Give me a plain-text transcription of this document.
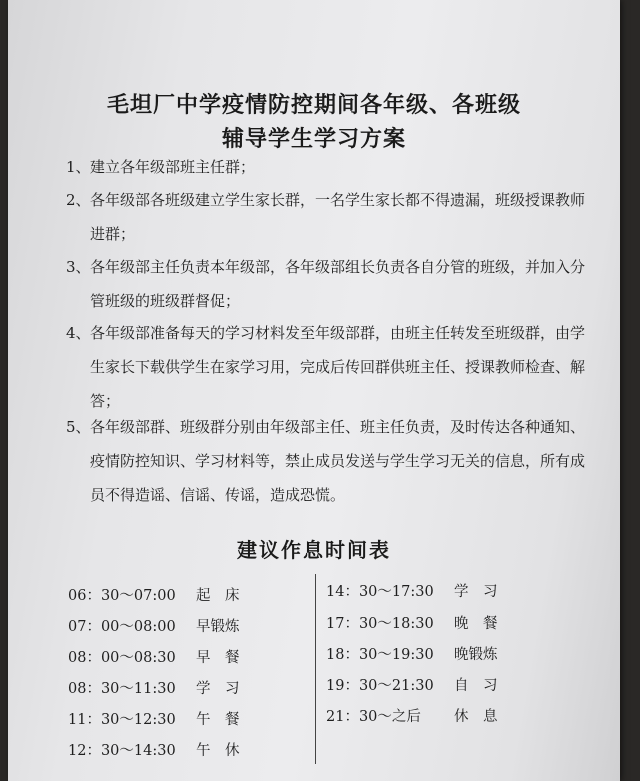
毛坦厂中学疫情防控期间各年级、各班级
辅导学生学习方案
1、 建立各年级部班主任群；
2、 各年级部各班级建立学生家长群，一名学生家长都不得遗漏，班级授课教师进群；
3、 各年级部主任负责本年级部，各年级部组长负责各自分管的班级，并加入分管班级的班级群督促；
4、 各年级部准备每天的学习材料发至年级部群，由班主任转发至班级群，由学生家长下载供学生在家学习用，完成后传回群供班主任、授课教师检查、解答；
5、 各年级部群、班级群分别由年级部主任、班主任负责，及时传达各种通知、疫情防控知识、学习材料等，禁止成员发送与学生学习无关的信息，所有成员不得造谣、信谣、传谣，造成恐慌。
建议作息时间表
06：30～07:00 起　床
07：00～08:00 早锻炼
08：00～08:30 早　餐
08：30～11:30 学　习
11：30～12:30 午　餐
12：30～14:30 午　休
14：30～17:30 学　习
17：30～18:30 晚　餐
18：30～19:30 晚锻炼
19：30～21:30 自　习
21：30～之后 休　息
